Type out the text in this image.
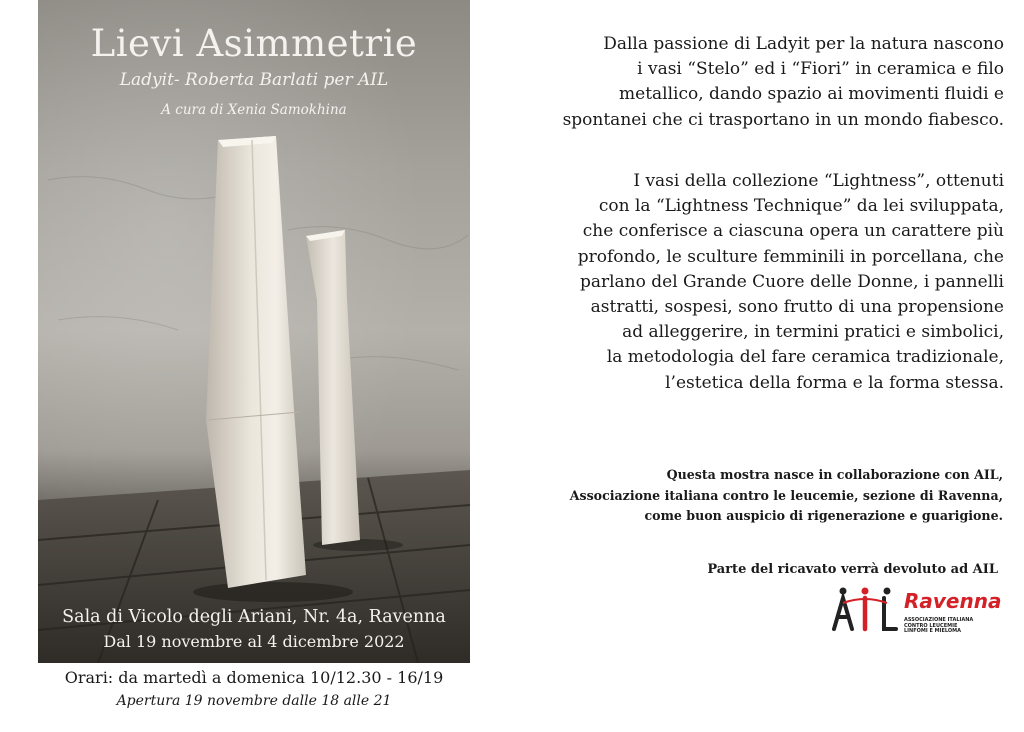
Lievi Asimmetrie
Ladyit- Roberta Barlati per AIL
A cura di Xenia Samokhina
Sala di Vicolo degli Ariani, Nr. 4a, Ravenna
Dal 19 novembre al 4 dicembre 2022
Orari: da martedì a domenica 10/12.30 - 16/19
Apertura 19 novembre dalle 18 alle 21

Dalla passione di Ladyit per la natura nascono

i vasi “Stelo” ed i “Fiori” in ceramica e filo

metallico, dando spazio ai movimenti fluidi e

spontanei che ci trasportano in un mondo fiabesco.

I vasi della collezione “Lightness”, ottenuti

con la “Lightness Technique” da lei sviluppata,

che conferisce a ciascuna opera un carattere più

profondo, le sculture femminili in porcellana, che

parlano del Grande Cuore delle Donne, i pannelli

astratti, sospesi, sono frutto di una propensione

ad alleggerire, in termini pratici e simbolici,

la metodologia del fare ceramica tradizionale,

l’estetica della forma e la forma stessa.

Questa mostra nasce in collaborazione con AIL,

Associazione italiana contro le leucemie, sezione di Ravenna,

come buon auspicio di rigenerazione e guarigione.

Parte del ricavato verrà devoluto ad AIL
Ravenna
ASSOCIAZIONE ITALIANA
CONTRO LEUCEMIE
LINFOMI E MIELOMA
